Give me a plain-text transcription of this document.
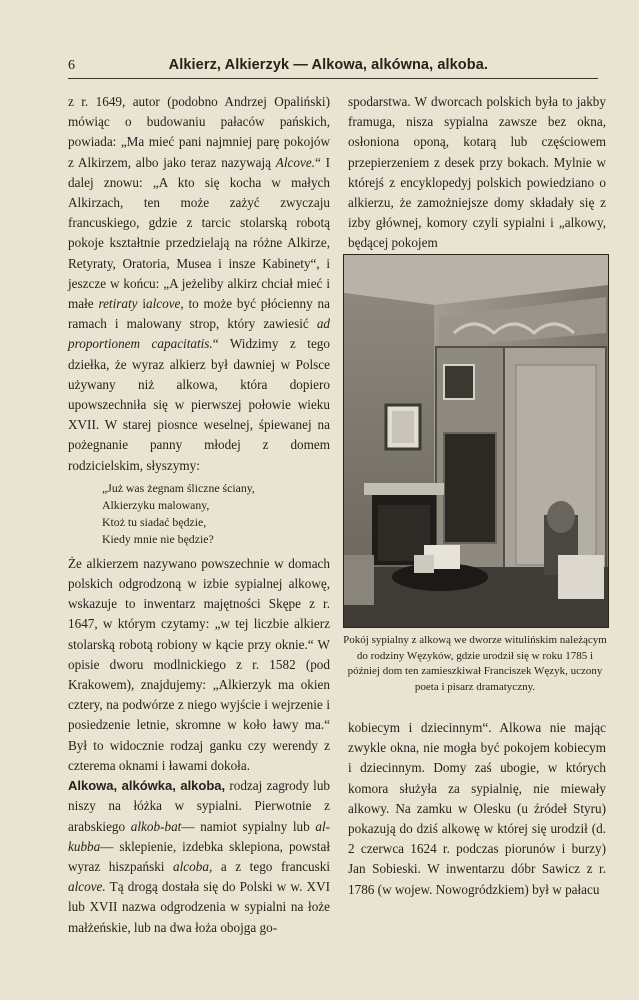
6	Alkierz, Alkierzyk — Alkowa, alkówna, alkoba.

z r. 1649, autor (podobno Andrzej Opaliński) mówiąc o budowaniu pałaców pańskich, powiada: „Ma mieć pani najmniej parę pokojów z Alkirzem, albo jako teraz nazywają Alcove.“ I dalej znowu: „A kto się kocha w małych Alkirzach, ten może zażyć zwyczaju francuskiego, gdzie z tarcic stolarską robotą pokoje kształtnie przedzielają na różne Alkirze, Retyraty, Oratoria, Musea i insze Kabinety“, i jeszcze w końcu: „A jeżeliby alkirz chciał mieć i małe retiraty ialcove, to może być płócienny na ramach i malowany strop, który zawiesić ad proportionem capacitatis.“ Widzimy z tego dziełka, że wyraz alkierz był dawniej w Polsce używany niż alkowa, która dopiero upowszechniła się w pierwszej połowie wieku XVII. W starej piosnce weselnej, śpiewanej na pożegnanie panny młodej z domem rodzicielskim, słyszymy:

„Już was żegnam śliczne ściany,
Alkierzyku malowany,
Ktoż tu siadać będzie,
Kiedy mnie nie będzie?

Że alkierzem nazywano powszechnie w domach polskich odgrodzoną w izbie sypialnej alkowę, wskazuje to inwentarz majętności Skępe z r. 1647, w którym czytamy: „w tej liczbie alkierz stolarską robotą robiony w kącie przy oknie.“ W opisie dworu modlnickiego z r. 1582 (pod Krakowem), znajdujemy: „Alkierzyk ma okien cztery, na podwórze z niego wyjście i wejrzenie i posiedzenie letnie, skromne w koło ławy ma.“ Był to widocznie rodzaj ganku czy werendy z czterema oknami i ławami dokoła.

Alkowa, alkówka, alkoba, rodzaj zagrody lub niszy na łóżka w sypialni. Pierwotnie z arabskiego alkob-bat— namiot sypialny lub al-kubba— sklepienie, izdebka sklepiona, powstał wyraz hiszpański alcoba, a z tego francuski alcove. Tą drogą dostała się do Polski w w. XVI lub XVII nazwa odgrodzenia w sypialni na łoże małżeńskie, lub na dwa łoża obojga go-

spodarstwa. W dworcach polskich była to jakby framuga, nisza sypialna zawsze bez okna, osłoniona oponą, kotarą lub częściowem przepierzeniem z desek przy bokach. Mylnie w którejś z encyklopedyj polskich powiedziano o alkierzu, że zamożniejsze domy składały się z izby głównej, komory czyli sypialni i „alkowy, będącej pokojem

Pokój sypialny z alkową we dworze witulińskim należącym do rodziny Węzyków, gdzie urodził się w roku 1785 i później dom ten zamieszkiwał Franciszek Węzyk, uczony poeta i pisarz dramatyczny.

kobiecym i dziecinnym“. Alkowa nie mając zwykle okna, nie mogła być pokojem kobiecym i dziecinnym. Domy zaś ubogie, w których komora służyła za sypialnię, nie miewały alkowy. Na zamku w Olesku (u źródeł Styru) pokazują do dziś alkowę w której się urodził (d. 2 czerwca 1624 r. podczas piorunów i burzy) Jan Sobieski. W inwentarzu dóbr Sawicz z r. 1786 (w wojew. Nowogródzkiem) był w pałacu
